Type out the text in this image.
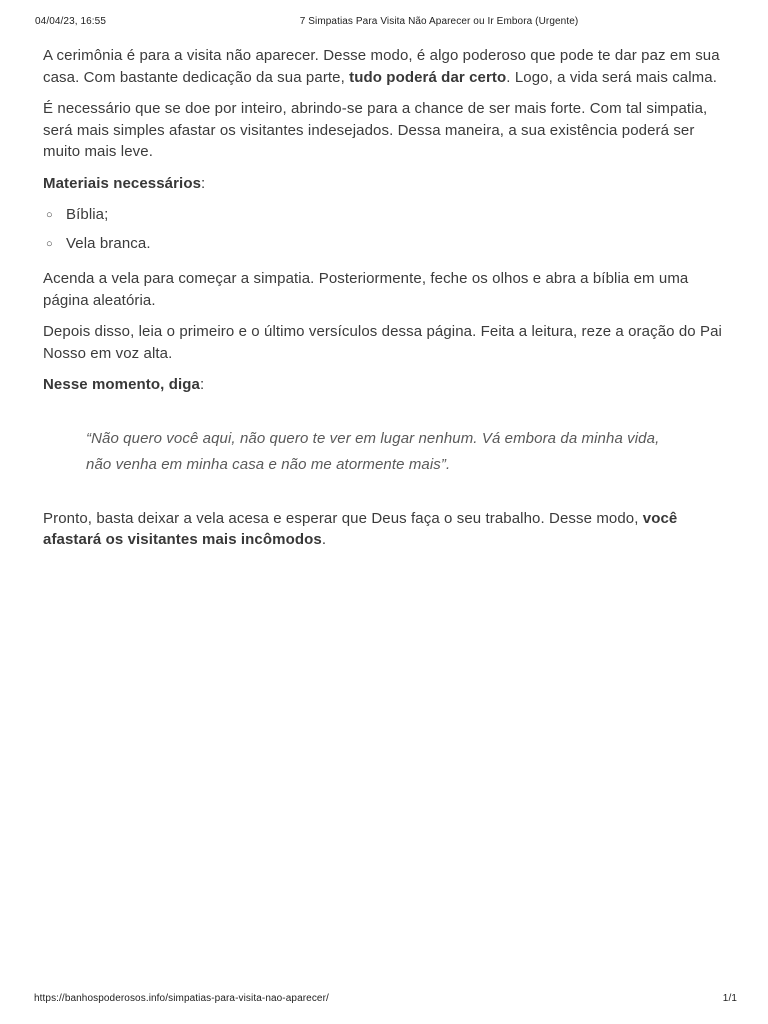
04/04/23, 16:55	7 Simpatias Para Visita Não Aparecer ou Ir Embora (Urgente)

A cerimônia é para a visita não aparecer. Desse modo, é algo poderoso que pode te dar paz em sua casa. Com bastante dedicação da sua parte, tudo poderá dar certo. Logo, a vida será mais calma.

É necessário que se doe por inteiro, abrindo-se para a chance de ser mais forte. Com tal simpatia, será mais simples afastar os visitantes indesejados. Dessa maneira, a sua existência poderá ser muito mais leve.

Materiais necessários:

○ Bíblia;
○ Vela branca.

Acenda a vela para começar a simpatia. Posteriormente, feche os olhos e abra a bíblia em uma página aleatória.

Depois disso, leia o primeiro e o último versículos dessa página. Feita a leitura, reze a oração do Pai Nosso em voz alta.

Nesse momento, diga:

“Não quero você aqui, não quero te ver em lugar nenhum. Vá embora da minha vida, não venha em minha casa e não me atormente mais”.

Pronto, basta deixar a vela acesa e esperar que Deus faça o seu trabalho. Desse modo, você afastará os visitantes mais incômodos.

https://banhospoderosos.info/simpatias-para-visita-nao-aparecer/	1/1
